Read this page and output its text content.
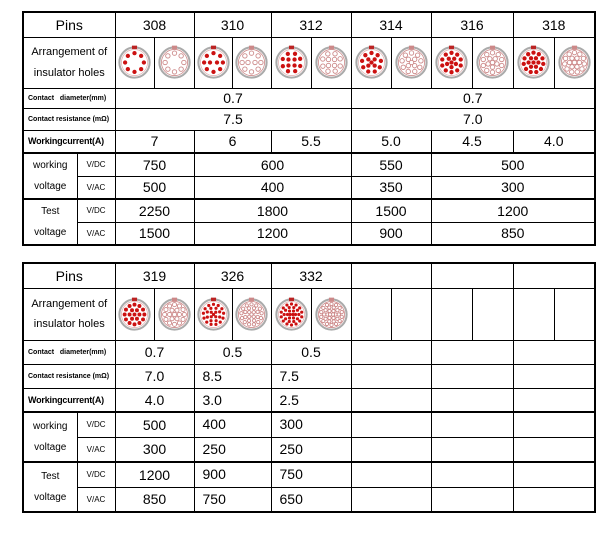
Pins		308		310		312		314		316		318	

Arrangement of
insulator holes

Contact   diameter(mm)		0.7						0.7					
Contact resistance (mΩ)		7.5						7.0					
Workingcurrent(A)		7		6		5.5		5.0		4.5		4.0	

working
voltage	V/DC	750		600				550		500			
	V/AC	500		400				350		300			

Test
voltage	V/DC	2250		1800				1500		1200			
	V/AC	1500		1200				900		850			
Pins		319		326		332							

Arrangement of
insulator holes

Contact   diameter(mm)		0.7		0.5		0.5							
Contact resistance (mΩ)		7.0		8.5		7.5							
Workingcurrent(A)		4.0		3.0		2.5							

working
voltage	V/DC	500		400		300							
	V/AC	300		250		250							

Test
voltage	V/DC	1200		900		750							
	V/AC	850		750		650							
